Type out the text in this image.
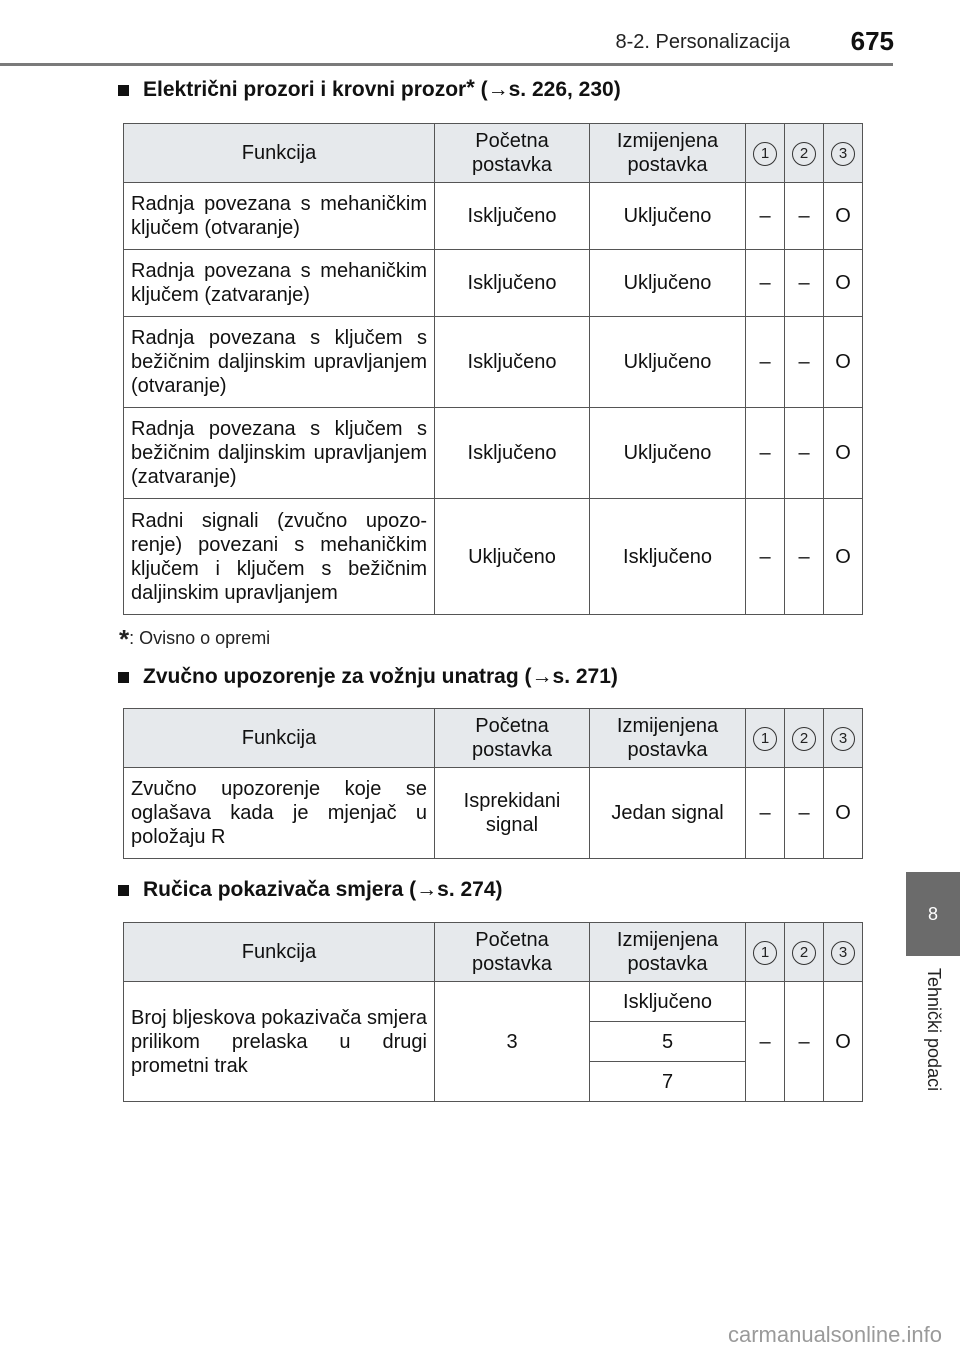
8-2. Personalizacija 675
8
Tehnički podaci
Električni prozori i krovni prozor* (→s. 226, 230)
Funkcija	Početna postavka	Izmijenjena postavka	1	2	3
Radnja povezana s mehaničkim ključem (otvaranje)	Isključeno	Uključeno	–	–	O
Radnja povezana s mehaničkim ključem (zatvaranje)	Isključeno	Uključeno	–	–	O
Radnja povezana s ključem s bežičnim daljinskim upravljanjem (otvaranje)	Isključeno	Uključeno	–	–	O
Radnja povezana s ključem s bežičnim daljinskim upravljanjem (zatvaranje)	Isključeno	Uključeno	–	–	O
Radni signali (zvučno upozorenje) povezani s mehaničkim ključem i ključem s bežičnim daljinskim upravljanjem	Uključeno	Isključeno	–	–	O
*: Ovisno o opremi
Zvučno upozorenje za vožnju unatrag (→s. 271)
Funkcija	Početna postavka	Izmijenjena postavka	1	2	3
Zvučno upozorenje koje se oglašava kada je mjenjač u položaju R	Isprekidani signal	Jedan signal	–	–	O
Ručica pokazivača smjera (→s. 274)
Funkcija	Početna postavka	Izmijenjena postavka	1	2	3
Broj bljeskova pokazivača smjera prilikom prelaska u drugi prometni trak	3	Isključeno	–	–	O
		5			
		7			
carmanualsonline.info
